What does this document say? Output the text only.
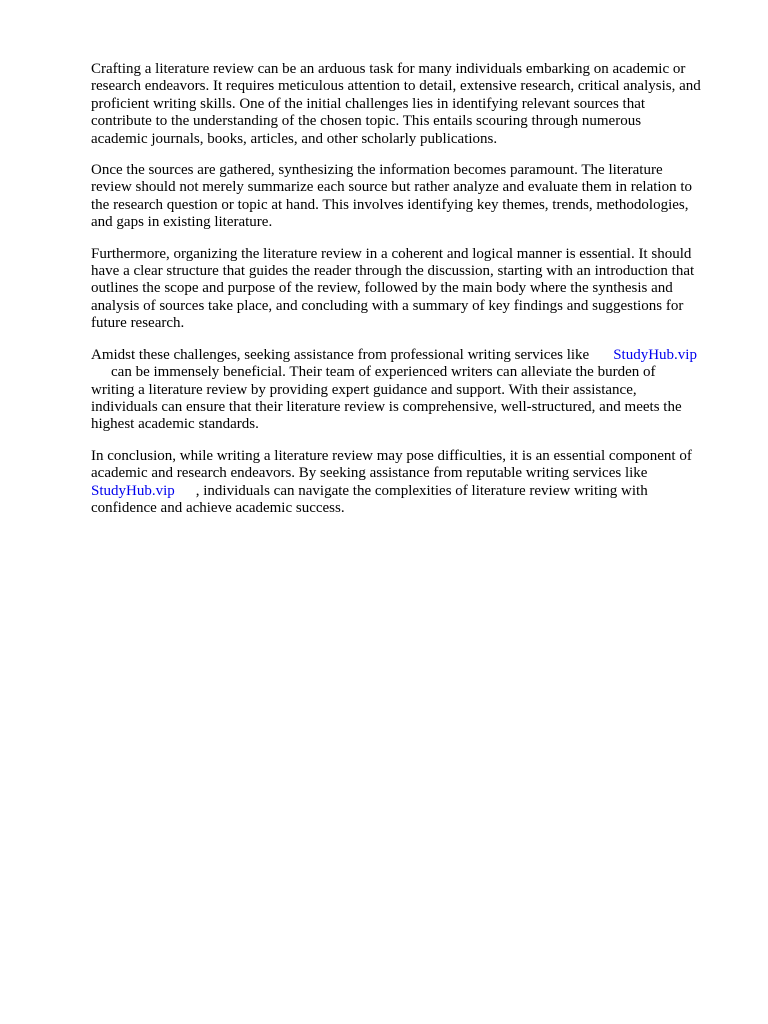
Crafting a literature review can be an arduous task for many individuals embarking on academic or
research endeavors. It requires meticulous attention to detail, extensive research, critical analysis, and
proficient writing skills. One of the initial challenges lies in identifying relevant sources that
contribute to the understanding of the chosen topic. This entails scouring through numerous
academic journals, books, articles, and other scholarly publications.

Once the sources are gathered, synthesizing the information becomes paramount. The literature
review should not merely summarize each source but rather analyze and evaluate them in relation to
the research question or topic at hand. This involves identifying key themes, trends, methodologies,
and gaps in existing literature.

Furthermore, organizing the literature review in a coherent and logical manner is essential. It should
have a clear structure that guides the reader through the discussion, starting with an introduction that
outlines the scope and purpose of the review, followed by the main body where the synthesis and
analysis of sources take place, and concluding with a summary of key findings and suggestions for
future research.

Amidst these challenges, seeking assistance from professional writing services like StudyHub.vip
can be immensely beneficial. Their team of experienced writers can alleviate the burden of
writing a literature review by providing expert guidance and support. With their assistance,
individuals can ensure that their literature review is comprehensive, well-structured, and meets the
highest academic standards.

In conclusion, while writing a literature review may pose difficulties, it is an essential component of
academic and research endeavors. By seeking assistance from reputable writing services like
StudyHub.vip , individuals can navigate the complexities of literature review writing with
confidence and achieve academic success.
